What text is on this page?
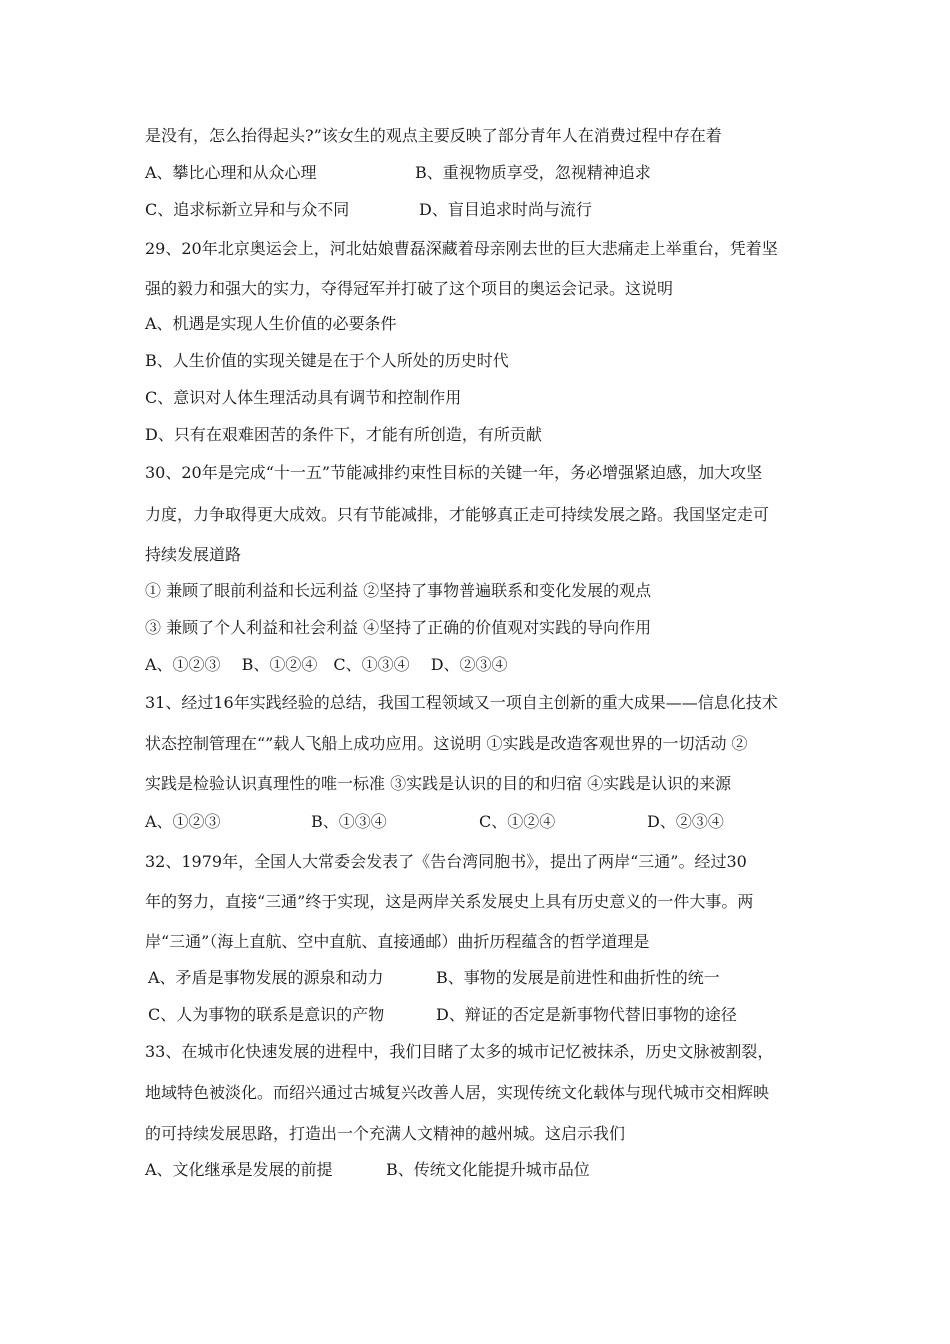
是没有，怎么抬得起头?”该女生的观点主要反映了部分青年人在消费过程中存在着
A、攀比心理和从众心理	B、重视物质享受，忽视精神追求
C、追求标新立异和与众不同	D、盲目追求时尚与流行
29、20年北京奥运会上，河北姑娘曹磊深藏着母亲刚去世的巨大悲痛走上举重台，凭着坚
强的毅力和强大的实力，夺得冠军并打破了这个项目的奥运会记录。这说明
A、机遇是实现人生价值的必要条件
B、人生价值的实现关键是在于个人所处的历史时代
C、意识对人体生理活动具有调节和控制作用
D、只有在艰难困苦的条件下，才能有所创造，有所贡献
30、20年是完成“十一五”节能减排约束性目标的关键一年，务必增强紧迫感，加大攻坚
力度，力争取得更大成效。只有节能减排，才能够真正走可持续发展之路。我国坚定走可
持续发展道路
① 兼顾了眼前利益和长远利益 ②坚持了事物普遍联系和变化发展的观点
③ 兼顾了个人利益和社会利益 ④坚持了正确的价值观对实践的导向作用
A、①②③　 B、①②④　C、①③④　 D、②③④
31、经过16年实践经验的总结，我国工程领域又一项自主创新的重大成果——信息化技术
状态控制管理在“”载人飞船上成功应用。这说明 ①实践是改造客观世界的一切活动 ②
实践是检验认识真理性的唯一标准 ③实践是认识的目的和归宿 ④实践是认识的来源
A、①②③	B、①③④	C、①②④	D、②③④
32、1979年，全国人大常委会发表了《告台湾同胞书》，提出了两岸“三通”。经过30
年的努力，直接“三通”终于实现，这是两岸关系发展史上具有历史意义的一件大事。两
岸“三通”（海上直航、空中直航、直接通邮）曲折历程蕴含的哲学道理是
A、矛盾是事物发展的源泉和动力	B、事物的发展是前进性和曲折性的统一
C、人为事物的联系是意识的产物	D、辩证的否定是新事物代替旧事物的途径
33、在城市化快速发展的进程中，我们目睹了太多的城市记忆被抹杀，历史文脉被割裂，
地域特色被淡化。而绍兴通过古城复兴改善人居，实现传统文化载体与现代城市交相辉映
的可持续发展思路，打造出一个充满人文精神的越州城。这启示我们
A、文化继承是发展的前提	B、传统文化能提升城市品位
